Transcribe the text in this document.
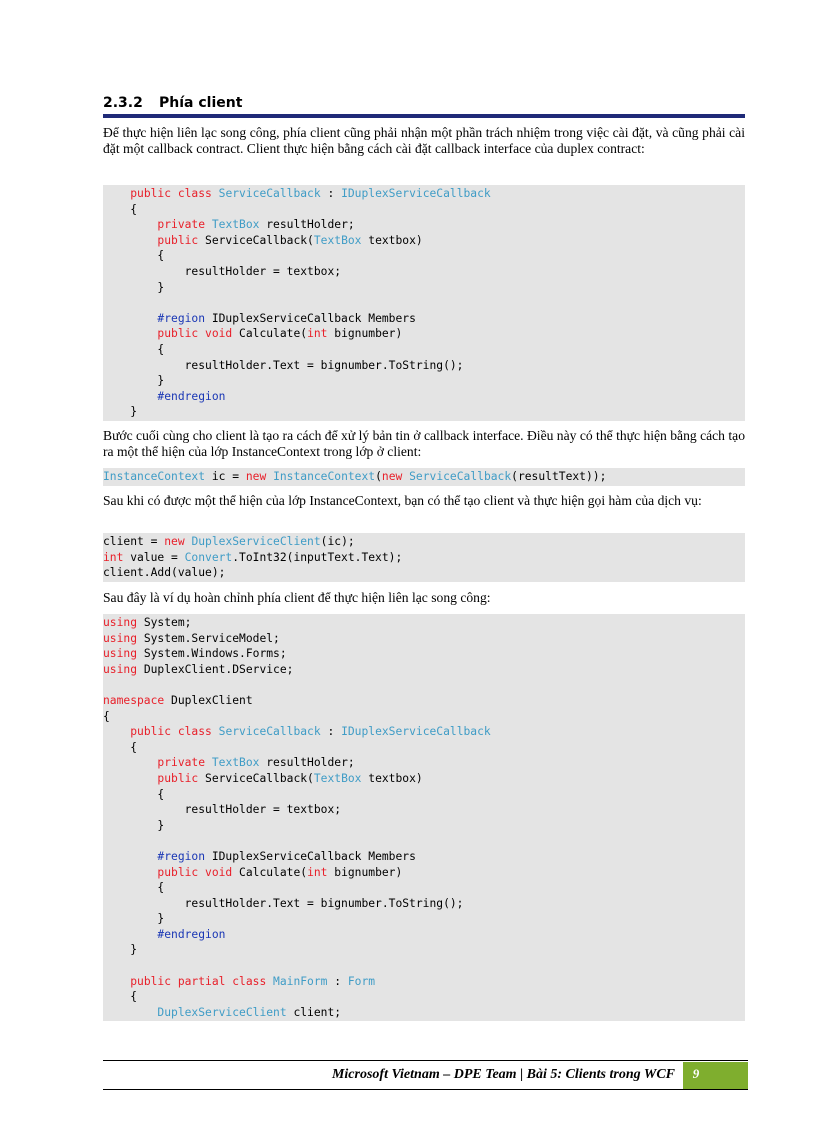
2.3.2 Phía client
Để thực hiện liên lạc song công, phía client cũng phải nhận một phần trách nhiệm trong việc cài đặt, và cũng phải cài đặt một callback contract. Client thực hiện bằng cách cài đặt callback interface của duplex contract:
public class ServiceCallback : IDuplexServiceCallback
{
private TextBox resultHolder;
public ServiceCallback(TextBox textbox)
{
resultHolder = textbox;
}
#region IDuplexServiceCallback Members
public void Calculate(int bignumber)
{
resultHolder.Text = bignumber.ToString();
}
#endregion
}
Bước cuối cùng cho client là tạo ra cách để xử lý bản tin ở callback interface. Điều này có thể thực hiện bằng cách tạo ra một thể hiện của lớp InstanceContext trong lớp ở client:
InstanceContext ic = new InstanceContext(new ServiceCallback(resultText));
Sau khi có được một thể hiện của lớp InstanceContext, bạn có thể tạo client và thực hiện gọi hàm của dịch vụ:
client = new DuplexServiceClient(ic);
int value = Convert.ToInt32(inputText.Text);
client.Add(value);
Sau đây là ví dụ hoàn chỉnh phía client để thực hiện liên lạc song công:
using System;
using System.ServiceModel;
using System.Windows.Forms;
using DuplexClient.DService;
namespace DuplexClient
{
public class ServiceCallback : IDuplexServiceCallback
{
private TextBox resultHolder;
public ServiceCallback(TextBox textbox)
{
resultHolder = textbox;
}
#region IDuplexServiceCallback Members
public void Calculate(int bignumber)
{
resultHolder.Text = bignumber.ToString();
}
#endregion
}
public partial class MainForm : Form
{
DuplexServiceClient client;
Microsoft Vietnam – DPE Team | Bài 5: Clients trong WCF	9
